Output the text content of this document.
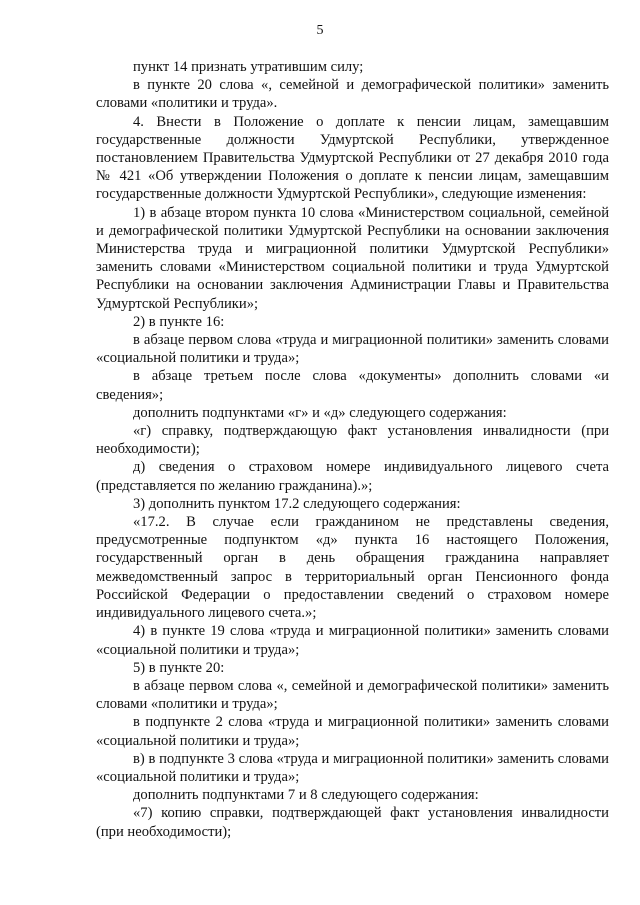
5

пункт 14 признать утратившим силу;

в пункте 20 слова «, семейной и демографической политики» заменить словами «политики и труда».

4. Внести в Положение о доплате к пенсии лицам, замещавшим государственные должности Удмуртской Республики, утвержденное постановлением Правительства Удмуртской Республики от 27 декабря 2010 года № 421 «Об утверждении Положения о доплате к пенсии лицам, замещавшим государственные должности Удмуртской Республики», следующие изменения:

1) в абзаце втором пункта 10 слова «Министерством социальной, семейной и демографической политики Удмуртской Республики на основании заключения Министерства труда и миграционной политики Удмуртской Республики» заменить словами «Министерством социальной политики и труда Удмуртской Республики на основании заключения Администрации Главы и Правительства Удмуртской Республики»;

2) в пункте 16:

в абзаце первом слова «труда и миграционной политики» заменить словами «социальной политики и труда»;

в абзаце третьем после слова «документы» дополнить словами «и сведения»;

дополнить подпунктами «г» и «д» следующего содержания:

«г) справку, подтверждающую факт установления инвалидности (при необходимости);

д) сведения о страховом номере индивидуального лицевого счета (представляется по желанию гражданина).»;

3) дополнить пунктом 17.2 следующего содержания:

«17.2. В случае если гражданином не представлены сведения, предусмотренные подпунктом «д» пункта 16 настоящего Положения, государственный орган в день обращения гражданина направляет межведомственный запрос в территориальный орган Пенсионного фонда Российской Федерации о предоставлении сведений о страховом номере индивидуального лицевого счета.»;

4) в пункте 19 слова «труда и миграционной политики» заменить словами «социальной политики и труда»;

5) в пункте 20:

в абзаце первом слова «, семейной и демографической политики» заменить словами «политики и труда»;

в подпункте 2 слова «труда и миграционной политики» заменить словами «социальной политики и труда»;

в) в подпункте 3 слова «труда и миграционной политики» заменить словами «социальной политики и труда»;

дополнить подпунктами 7 и 8 следующего содержания:

«7) копию справки, подтверждающей факт установления инвалидности (при необходимости);
